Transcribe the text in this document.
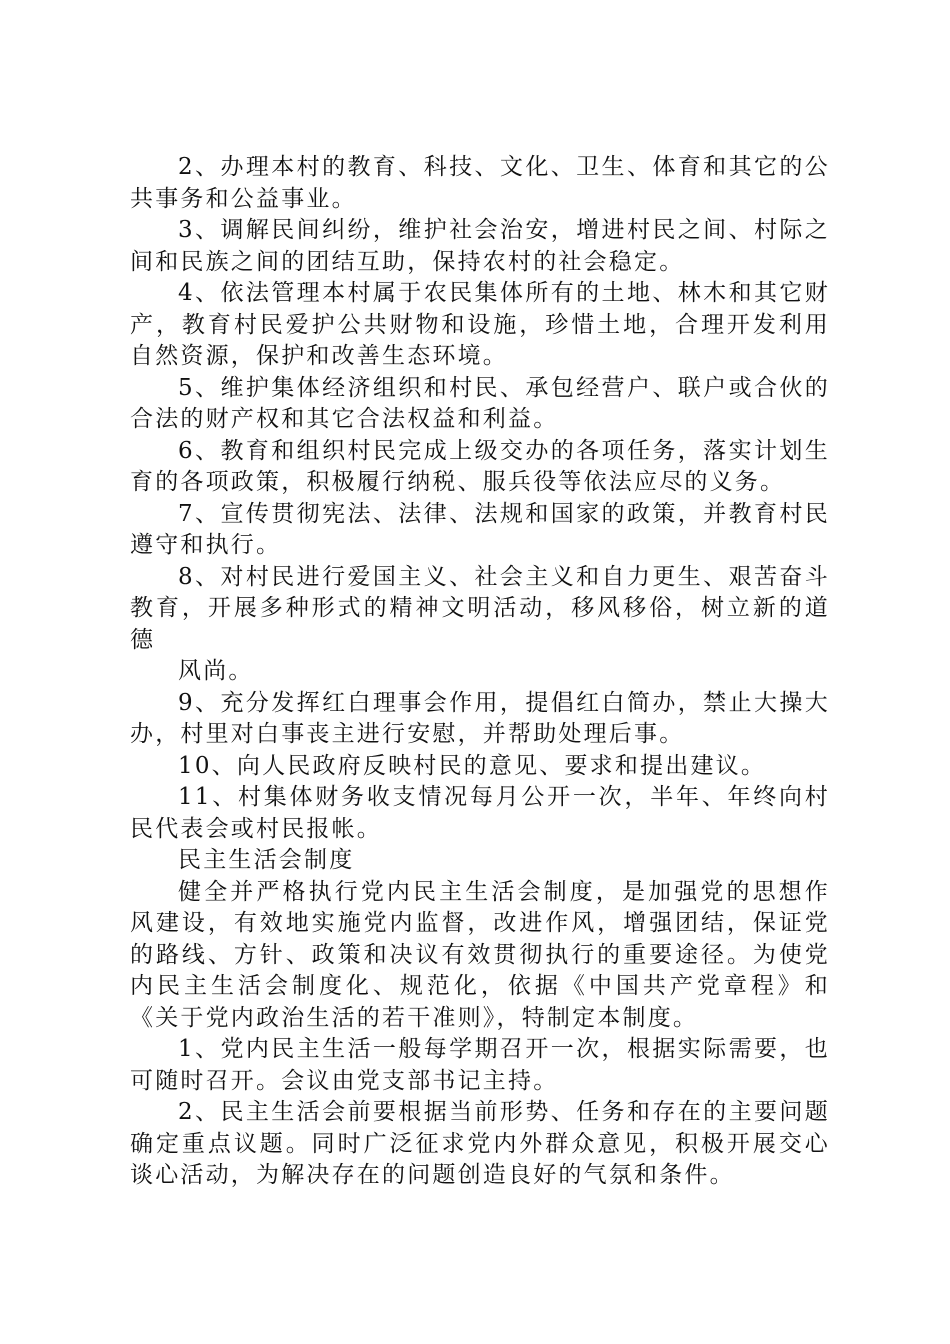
2、办理本村的教育、科技、文化、卫生、体育和其它的公共事务和公益事业。

3、调解民间纠纷，维护社会治安，增进村民之间、村际之间和民族之间的团结互助，保持农村的社会稳定。

4、依法管理本村属于农民集体所有的土地、林木和其它财产，教育村民爱护公共财物和设施，珍惜土地，合理开发利用自然资源，保护和改善生态环境。

5、维护集体经济组织和村民、承包经营户、联户或合伙的合法的财产权和其它合法权益和利益。

6、教育和组织村民完成上级交办的各项任务，落实计划生育的各项政策，积极履行纳税、服兵役等依法应尽的义务。

7、宣传贯彻宪法、法律、法规和国家的政策，并教育村民遵守和执行。

8、对村民进行爱国主义、社会主义和自力更生、艰苦奋斗教育，开展多种形式的精神文明活动，移风移俗，树立新的道德

风尚。

9、充分发挥红白理事会作用，提倡红白简办，禁止大操大办，村里对白事丧主进行安慰，并帮助处理后事。

10、向人民政府反映村民的意见、要求和提出建议。

11、村集体财务收支情况每月公开一次，半年、年终向村民代表会或村民报帐。

民主生活会制度

健全并严格执行党内民主生活会制度，是加强党的思想作风建设，有效地实施党内监督，改进作风，增强团结，保证党的路线、方针、政策和决议有效贯彻执行的重要途径。为使党内民主生活会制度化、规范化，依据《中国共产党章程》和《关于党内政治生活的若干准则》，特制定本制度。

1、党内民主生活一般每学期召开一次，根据实际需要，也可随时召开。会议由党支部书记主持。

2、民主生活会前要根据当前形势、任务和存在的主要问题确定重点议题。同时广泛征求党内外群众意见，积极开展交心谈心活动，为解决存在的问题创造良好的气氛和条件。
